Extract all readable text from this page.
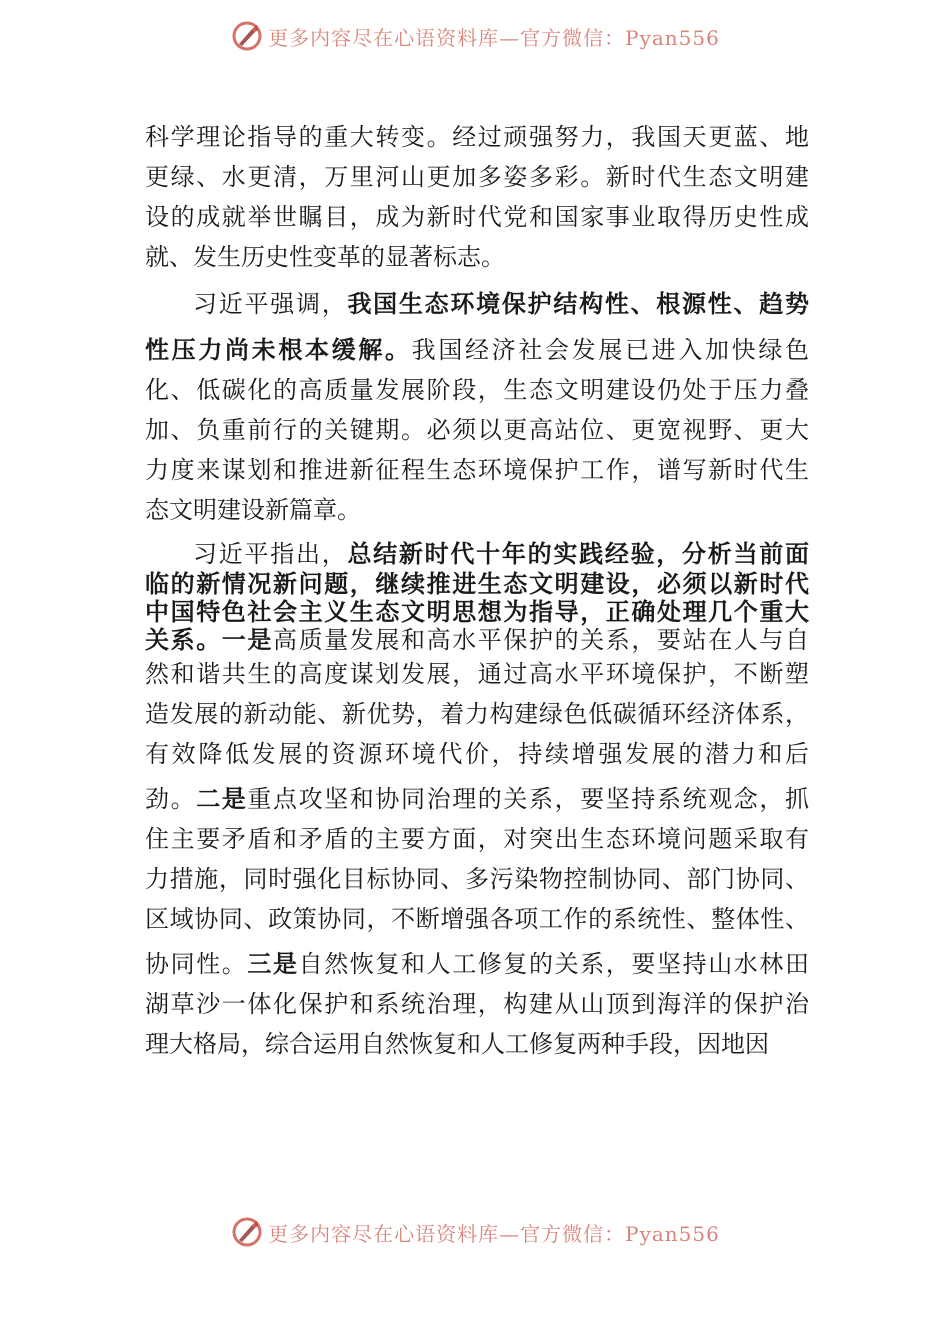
更多内容尽在心语资料库—官方微信：Pyan556
科学理论指导的重大转变。经过顽强努力，我国天更蓝、地
更绿、水更清，万里河山更加多姿多彩。新时代生态文明建
设的成就举世瞩目，成为新时代党和国家事业取得历史性成
就、发生历史性变革的显著标志。
习近平强调，我国生态环境保护结构性、根源性、趋势
性压力尚未根本缓解。我国经济社会发展已进入加快绿色
化、低碳化的高质量发展阶段，生态文明建设仍处于压力叠
加、负重前行的关键期。必须以更高站位、更宽视野、更大
力度来谋划和推进新征程生态环境保护工作，谱写新时代生
态文明建设新篇章。
习近平指出，总结新时代十年的实践经验，分析当前面
临的新情况新问题，继续推进生态文明建设，必须以新时代
中国特色社会主义生态文明思想为指导，正确处理几个重大
关系。一是高质量发展和高水平保护的关系，要站在人与自
然和谐共生的高度谋划发展，通过高水平环境保护，不断塑
造发展的新动能、新优势，着力构建绿色低碳循环经济体系，
有效降低发展的资源环境代价，持续增强发展的潜力和后
劲。二是重点攻坚和协同治理的关系，要坚持系统观念，抓
住主要矛盾和矛盾的主要方面，对突出生态环境问题采取有
力措施，同时强化目标协同、多污染物控制协同、部门协同、
区域协同、政策协同，不断增强各项工作的系统性、整体性、
协同性。三是自然恢复和人工修复的关系，要坚持山水林田
湖草沙一体化保护和系统治理，构建从山顶到海洋的保护治
理大格局，综合运用自然恢复和人工修复两种手段，因地因
更多内容尽在心语资料库—官方微信：Pyan556
